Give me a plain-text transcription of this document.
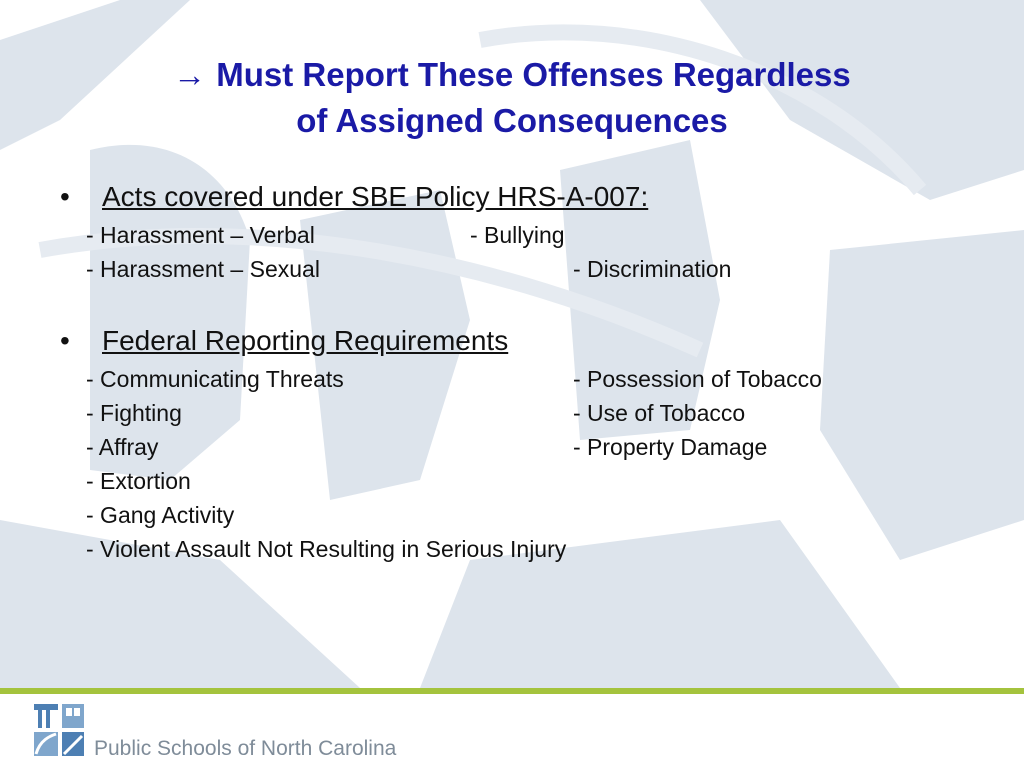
→ Must Report These Offenses Regardless
of Assigned Consequences
• Acts covered under SBE Policy HRS-A-007:
- Harassment – Verbal	- Bullying
- Harassment – Sexual	- Discrimination
• Federal Reporting Requirements
- Communicating Threats	- Possession of Tobacco
- Fighting	- Use of Tobacco
- Affray	- Property Damage
- Extortion
- Gang Activity
- Violent Assault Not Resulting in Serious Injury
Public Schools of North Carolina
